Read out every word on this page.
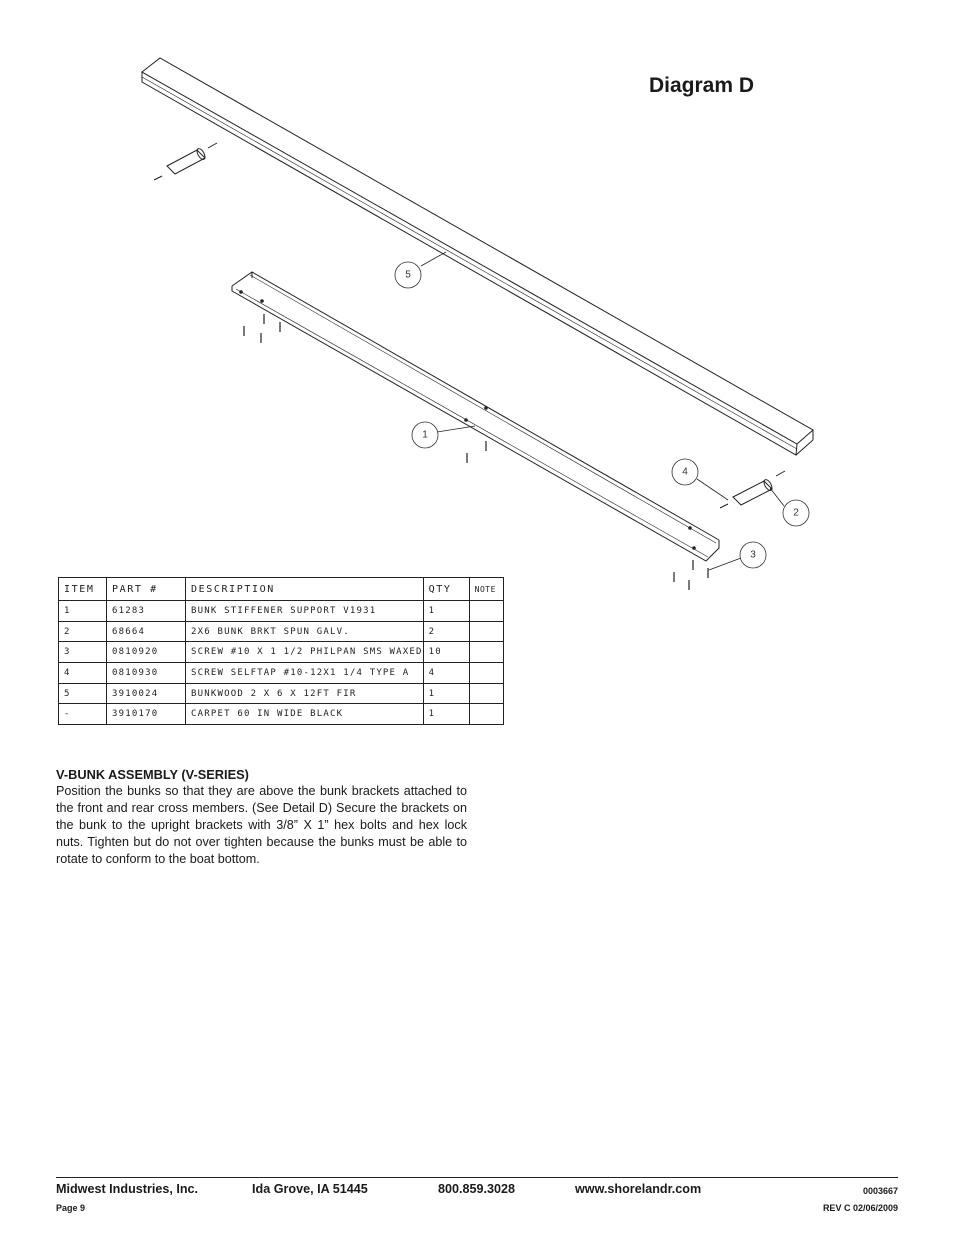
Diagram D
5
1
4
2
3
ITEM	PART #	DESCRIPTION	QTY	NOTE
1	61283	BUNK STIFFENER SUPPORT V1931	1	
2	68664	2X6 BUNK BRKT SPUN GALV.	2	
3	0810920	SCREW #10 X 1 1/2 PHILPAN SMS WAXED	10	
4	0810930	SCREW SELFTAP #10-12X1 1/4 TYPE A	4	
5	3910024	BUNKWOOD 2 X 6 X 12FT FIR	1	
-	3910170	CARPET 60 IN WIDE BLACK	1	
V-BUNK ASSEMBLY (V-SERIES)

Position the bunks so that they are above the bunk brackets attached to the front and rear cross members. (See Detail D) Secure the brackets on the bunk to the upright brackets with 3/8” X 1” hex bolts and hex lock nuts. Tighten but do not over tighten because the bunks must be able to rotate to conform to the boat bottom.

Midwest Industries, Inc.	Ida Grove, IA 51445	800.859.3028	www.shorelandr.com
Page 9
0003667
REV C 02/06/2009
